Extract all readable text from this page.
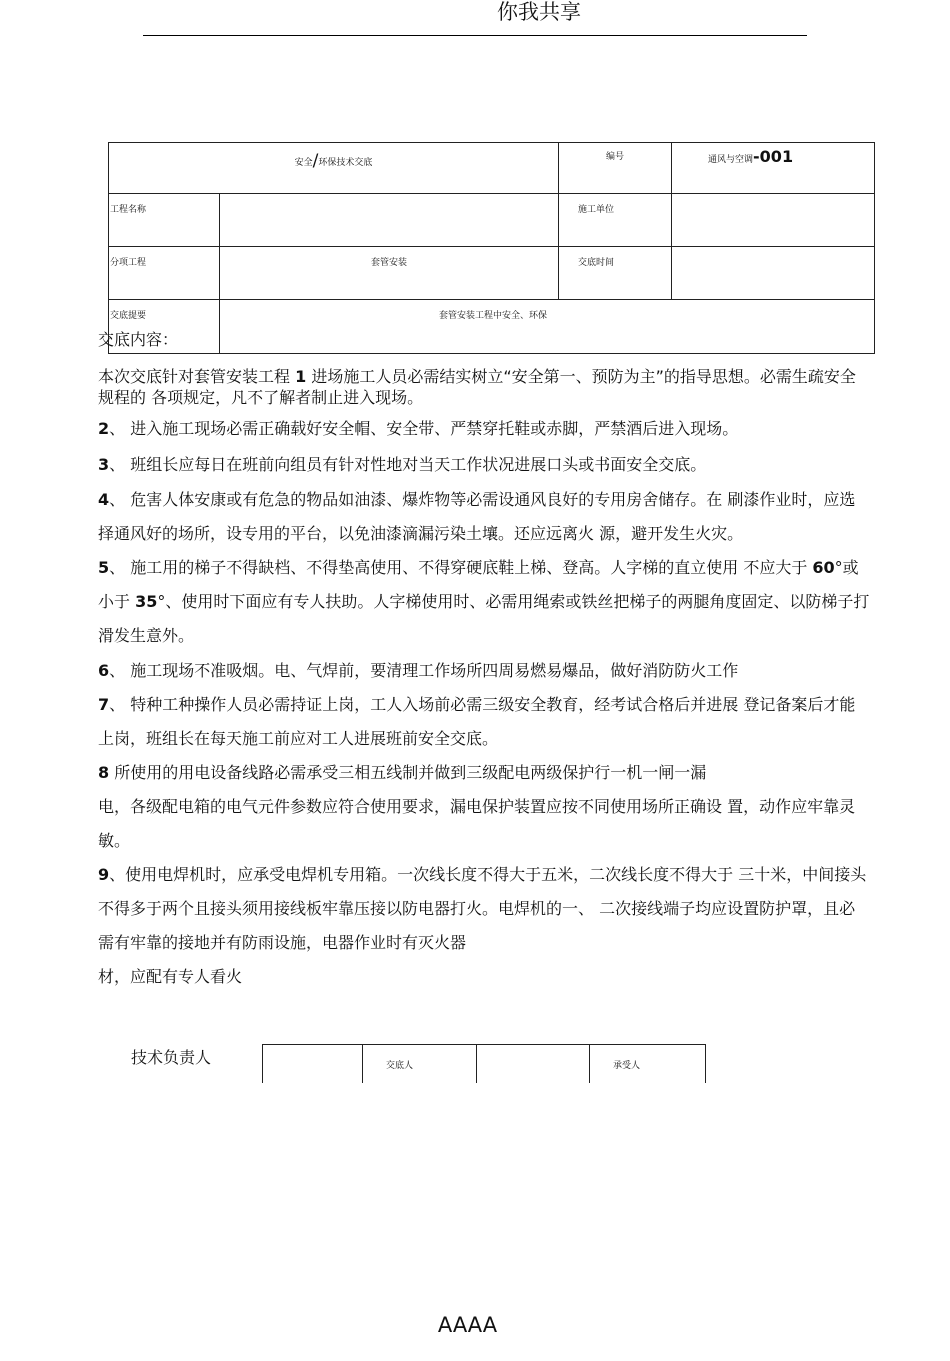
你我共享
安全/环保技术交底		编号	通风与空调-001
工程名称		施工单位	
分项工程	套管安装	交底时间	
交底提要	套管安装工程中安全、环保		

交底内容：

本次交底针对套管安装工程 1 进场施工人员必需结实树立“安全第一、预防为主”的指导思想。必需生疏安全规程的 各项规定，凡不了解者制止进入现场。

2、 进入施工现场必需正确载好安全帽、安全带、严禁穿托鞋或赤脚，严禁酒后进入现场。

3、 班组长应每日在班前向组员有针对性地对当天工作状况进展口头或书面安全交底。

4、 危害人体安康或有危急的物品如油漆、爆炸物等必需设通风良好的专用房舍储存。在 刷漆作业时，应选择通风好的场所，设专用的平台，以免油漆滴漏污染土壤。还应远离火 源，避开发生火灾。

5、 施工用的梯子不得缺档、不得垫高使用、不得穿硬底鞋上梯、登高。人字梯的直立使用 不应大于 60°或小于 35°、使用时下面应有专人扶助。人字梯使用时、必需用绳索或铁丝把梯子的两腿角度固定、以防梯子打滑发生意外。

6、 施工现场不准吸烟。电、气焊前，要清理工作场所四周易燃易爆品，做好消防防火工作

7、 特种工种操作人员必需持证上岗，工人入场前必需三级安全教育，经考试合格后并进展 登记备案后才能上岗，班组长在每天施工前应对工人进展班前安全交底。

8 所使用的用电设备线路必需承受三相五线制并做到三级配电两级保护行一机一闸一漏
电，各级配电箱的电气元件参数应符合使用要求，漏电保护装置应按不同使用场所正确设 置，动作应牢靠灵敏。
9、使用电焊机时，应承受电焊机专用箱。一次线长度不得大于五米，二次线长度不得大于 三十米，中间接头不得多于两个且接头须用接线板牢靠压接以防电器打火。电焊机的一、 二次接线端子均应设置防护罩，且必需有牢靠的接地并有防雨设施，电器作业时有灭火器
材，应配有专人看火
技术负责人
		交底人		承受人
AAAA
